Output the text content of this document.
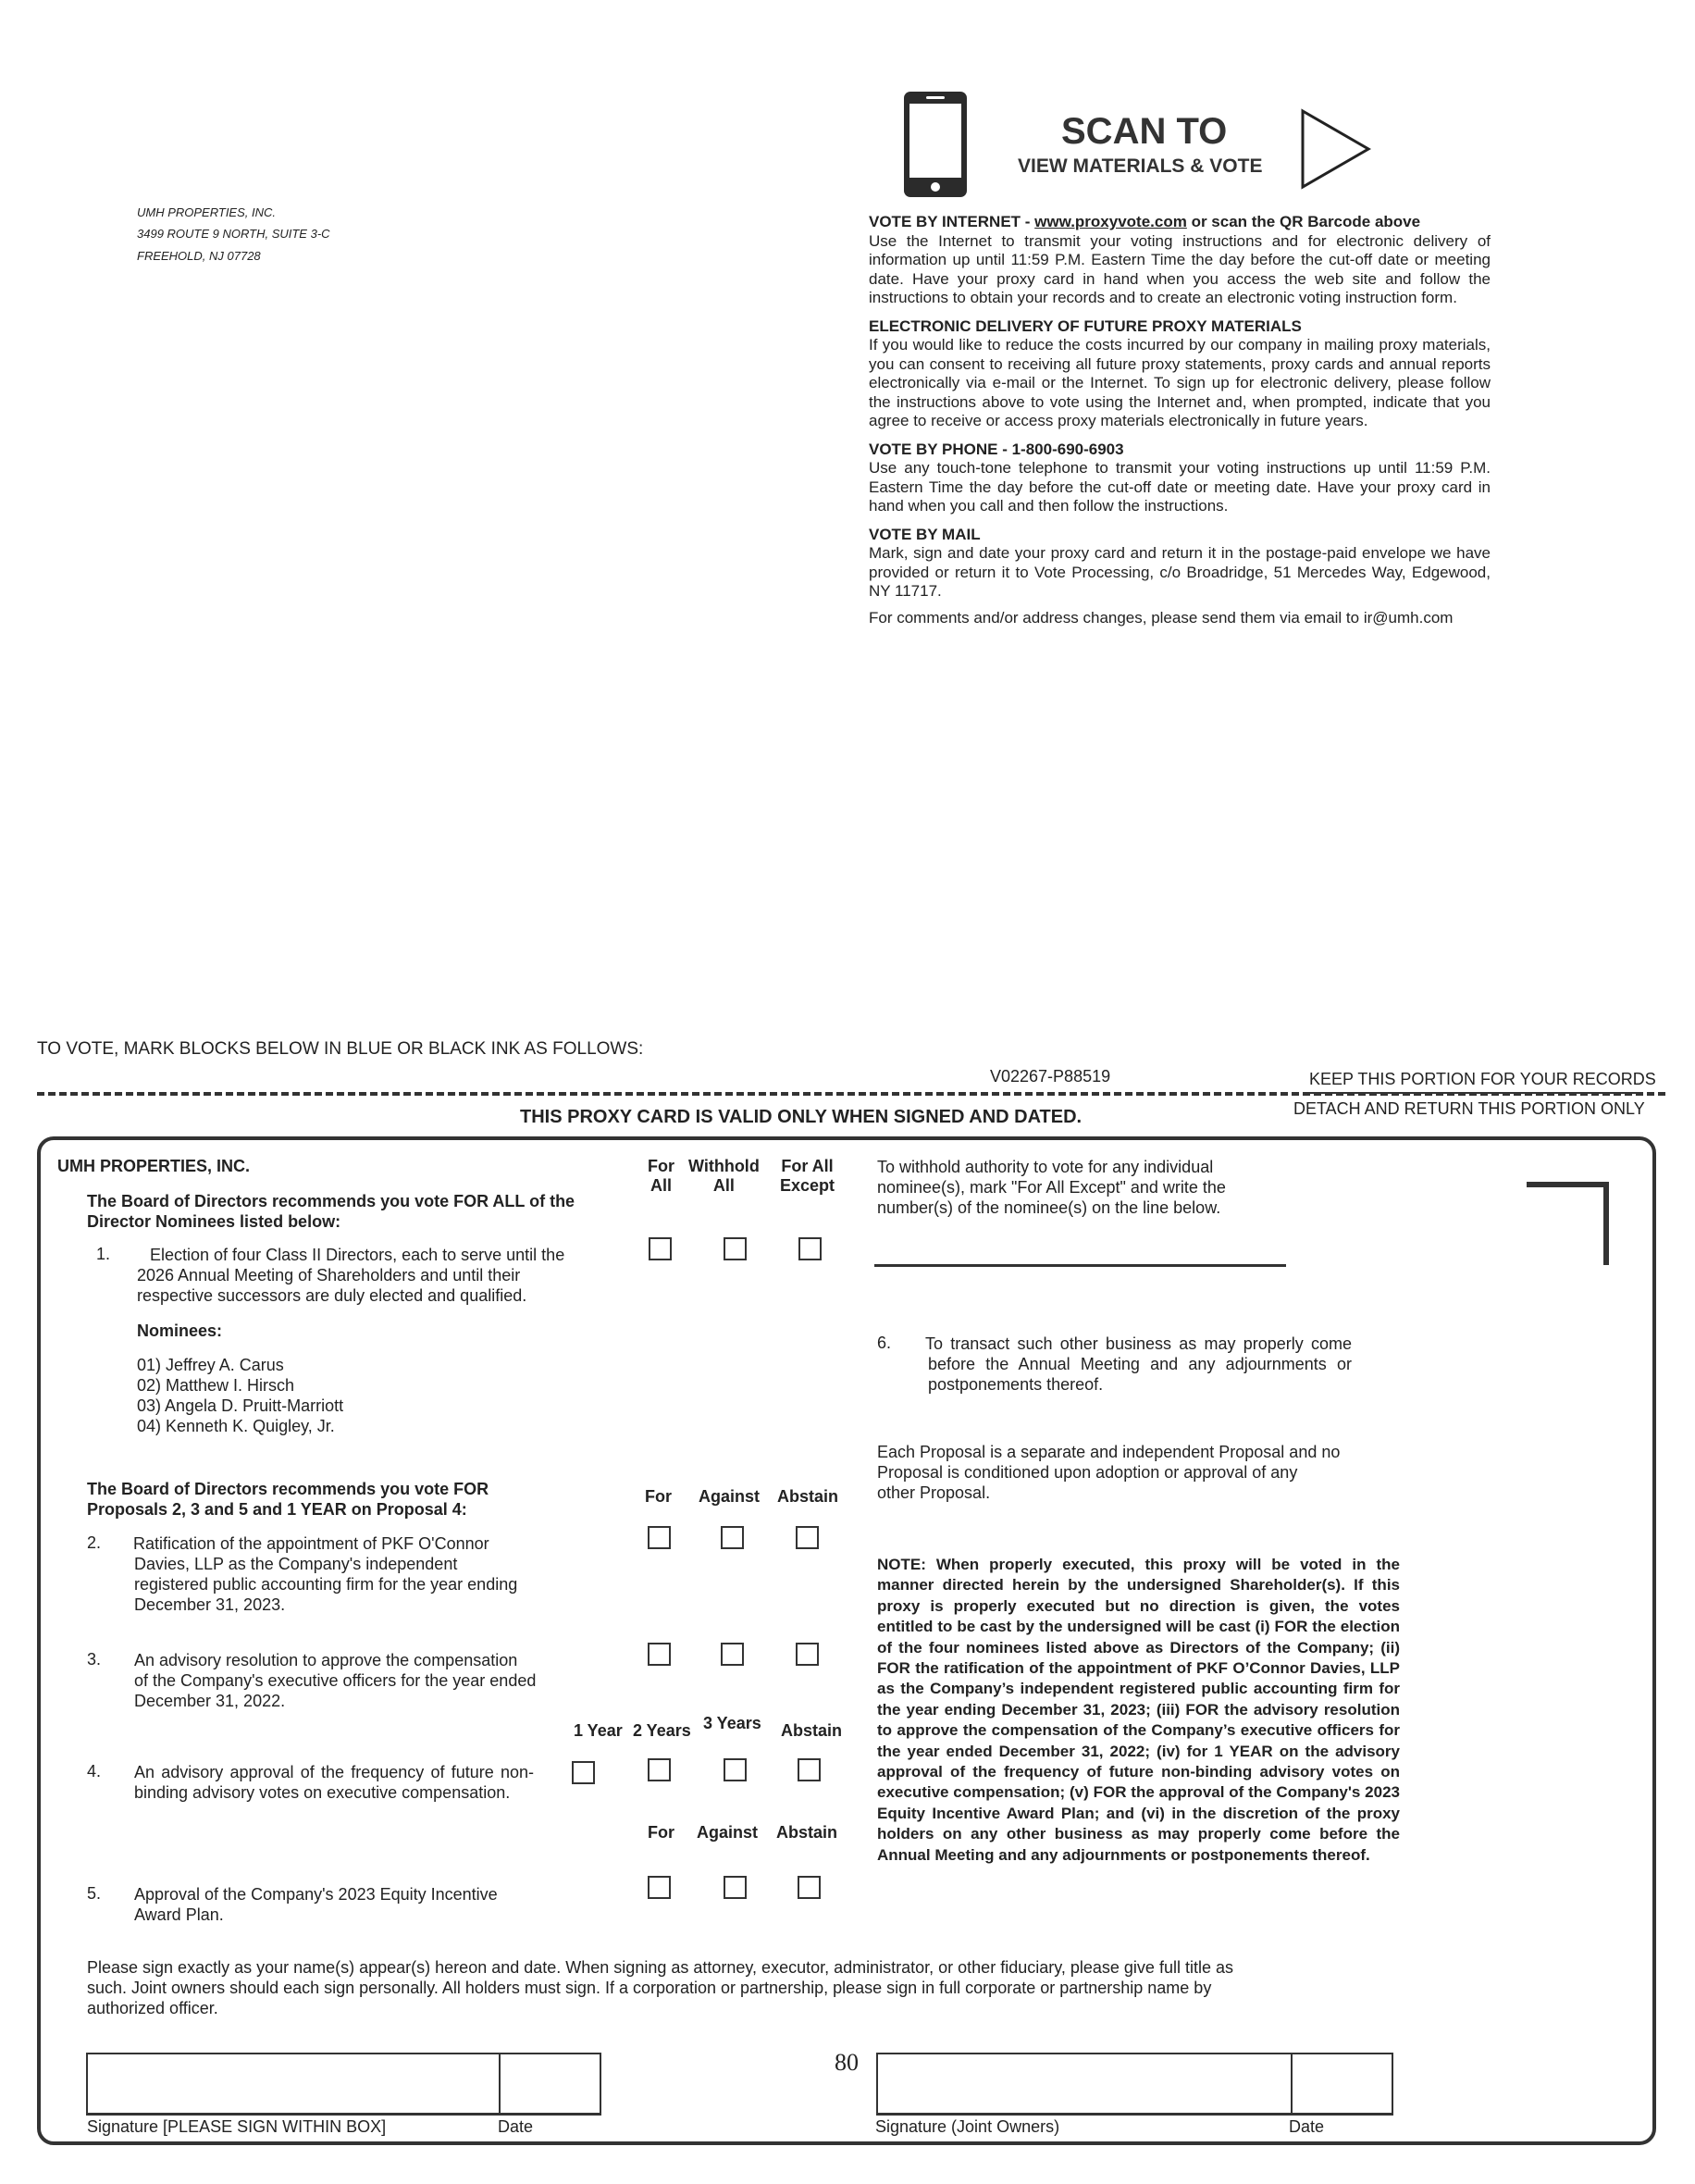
UMH PROPERTIES, INC.
3499 ROUTE 9 NORTH, SUITE 3-C
FREEHOLD, NJ 07728
SCAN TO
VIEW MATERIALS & VOTE
VOTE BY INTERNET - www.proxyvote.com or scan the QR Barcode above
Use the Internet to transmit your voting instructions and for electronic delivery of information up until 11:59 P.M. Eastern Time the day before the cut-off date or meeting date. Have your proxy card in hand when you access the web site and follow the instructions to obtain your records and to create an electronic voting instruction form.
ELECTRONIC DELIVERY OF FUTURE PROXY MATERIALS
If you would like to reduce the costs incurred by our company in mailing proxy materials, you can consent to receiving all future proxy statements, proxy cards and annual reports electronically via e-mail or the Internet. To sign up for electronic delivery, please follow the instructions above to vote using the Internet and, when prompted, indicate that you agree to receive or access proxy materials electronically in future years.
VOTE BY PHONE - 1-800-690-6903
Use any touch-tone telephone to transmit your voting instructions up until 11:59 P.M. Eastern Time the day before the cut-off date or meeting date. Have your proxy card in hand when you call and then follow the instructions.
VOTE BY MAIL
Mark, sign and date your proxy card and return it in the postage-paid envelope we have provided or return it to Vote Processing, c/o Broadridge, 51 Mercedes Way, Edgewood, NY 11717.
For comments and/or address changes, please send them via email to ir@umh.com
TO VOTE, MARK BLOCKS BELOW IN BLUE OR BLACK INK AS FOLLOWS:
V02267-P88519	KEEP THIS PORTION FOR YOUR RECORDS
DETACH AND RETURN THIS PORTION ONLY
THIS PROXY CARD IS VALID ONLY WHEN SIGNED AND DATED.
UMH PROPERTIES, INC.
The Board of Directors recommends you vote FOR ALL of the
Director Nominees listed below:
For
All
Withhold
All
For All
Except
To withhold authority to vote for any individual
nominee(s), mark "For All Except" and write the
number(s) of the nominee(s) on the line below.
1.	Election of four Class II Directors, each to serve until the
2026 Annual Meeting of Shareholders and until their
respective successors are duly elected and qualified.
Nominees:
01) Jeffrey A. Carus
02) Matthew I. Hirsch
03) Angela D. Pruitt-Marriott
04) Kenneth K. Quigley, Jr.
6. To transact such other business as may properly come before the Annual Meeting and any adjournments or postponements thereof.
Each Proposal is a separate and independent Proposal and no
Proposal is conditioned upon adoption or approval of any
other Proposal.
The Board of Directors recommends you vote FOR
Proposals 2, 3 and 5 and 1 YEAR on Proposal 4:
For Against Abstain
2. Ratification of the appointment of PKF O'Connor
Davies, LLP as the Company's independent
registered public accounting firm for the year ending
December 31, 2023.
NOTE: When properly executed, this proxy will be voted in the manner directed herein by the undersigned Shareholder(s). If this proxy is properly executed but no direction is given, the votes entitled to be cast by the undersigned will be cast (i) FOR the election of the four nominees listed above as Directors of the Company; (ii) FOR the ratification of the appointment of PKF O’Connor Davies, LLP as the Company’s independent registered public accounting firm for the year ending December 31, 2023; (iii) FOR the advisory resolution to approve the compensation of the Company’s executive officers for the year ended December 31, 2022; (iv) for 1 YEAR on the advisory approval of the frequency of future non-binding advisory votes on executive compensation; (v) FOR the approval of the Company's 2023 Equity Incentive Award Plan; and (vi) in the discretion of the proxy holders on any other business as may properly come before the Annual Meeting and any adjournments or postponements thereof.
3. An advisory resolution to approve the compensation
of the Company's executive officers for the year ended
December 31, 2022.
1 Year 2 Years 3 Years Abstain
4. An advisory approval of the frequency of future non-binding advisory votes on executive compensation.
For Against Abstain
5. Approval of the Company's 2023 Equity Incentive
Award Plan.
Please sign exactly as your name(s) appear(s) hereon and date. When signing as attorney, executor, administrator, or other fiduciary, please give full title as
such. Joint owners should each sign personally. All holders must sign. If a corporation or partnership, please sign in full corporate or partnership name by
authorized officer.
80
Signature [PLEASE SIGN WITHIN BOX]	Date	Signature (Joint Owners)	Date
